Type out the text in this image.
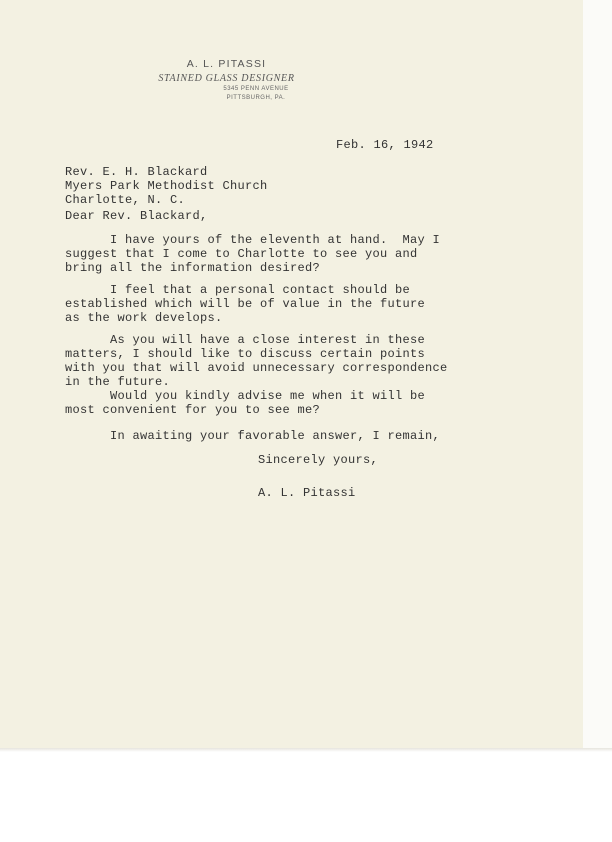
A. L. PITASSI
STAINED GLASS DESIGNER
5345 PENN AVENUE
PITTSBURGH, PA.
Feb. 16, 1942
Rev. E. H. Blackard
Myers Park Methodist Church
Charlotte, N. C.
Dear Rev. Blackard,
I have yours of the eleventh at hand.  May I
suggest that I come to Charlotte to see you and
bring all the information desired?
I feel that a personal contact should be
established which will be of value in the future
as the work develops.
As you will have a close interest in these
matters, I should like to discuss certain points
with you that will avoid unnecessary correspondence
in the future.
Would you kindly advise me when it will be
most convenient for you to see me?
In awaiting your favorable answer, I remain,
Sincerely yours,
A. L. Pitassi
